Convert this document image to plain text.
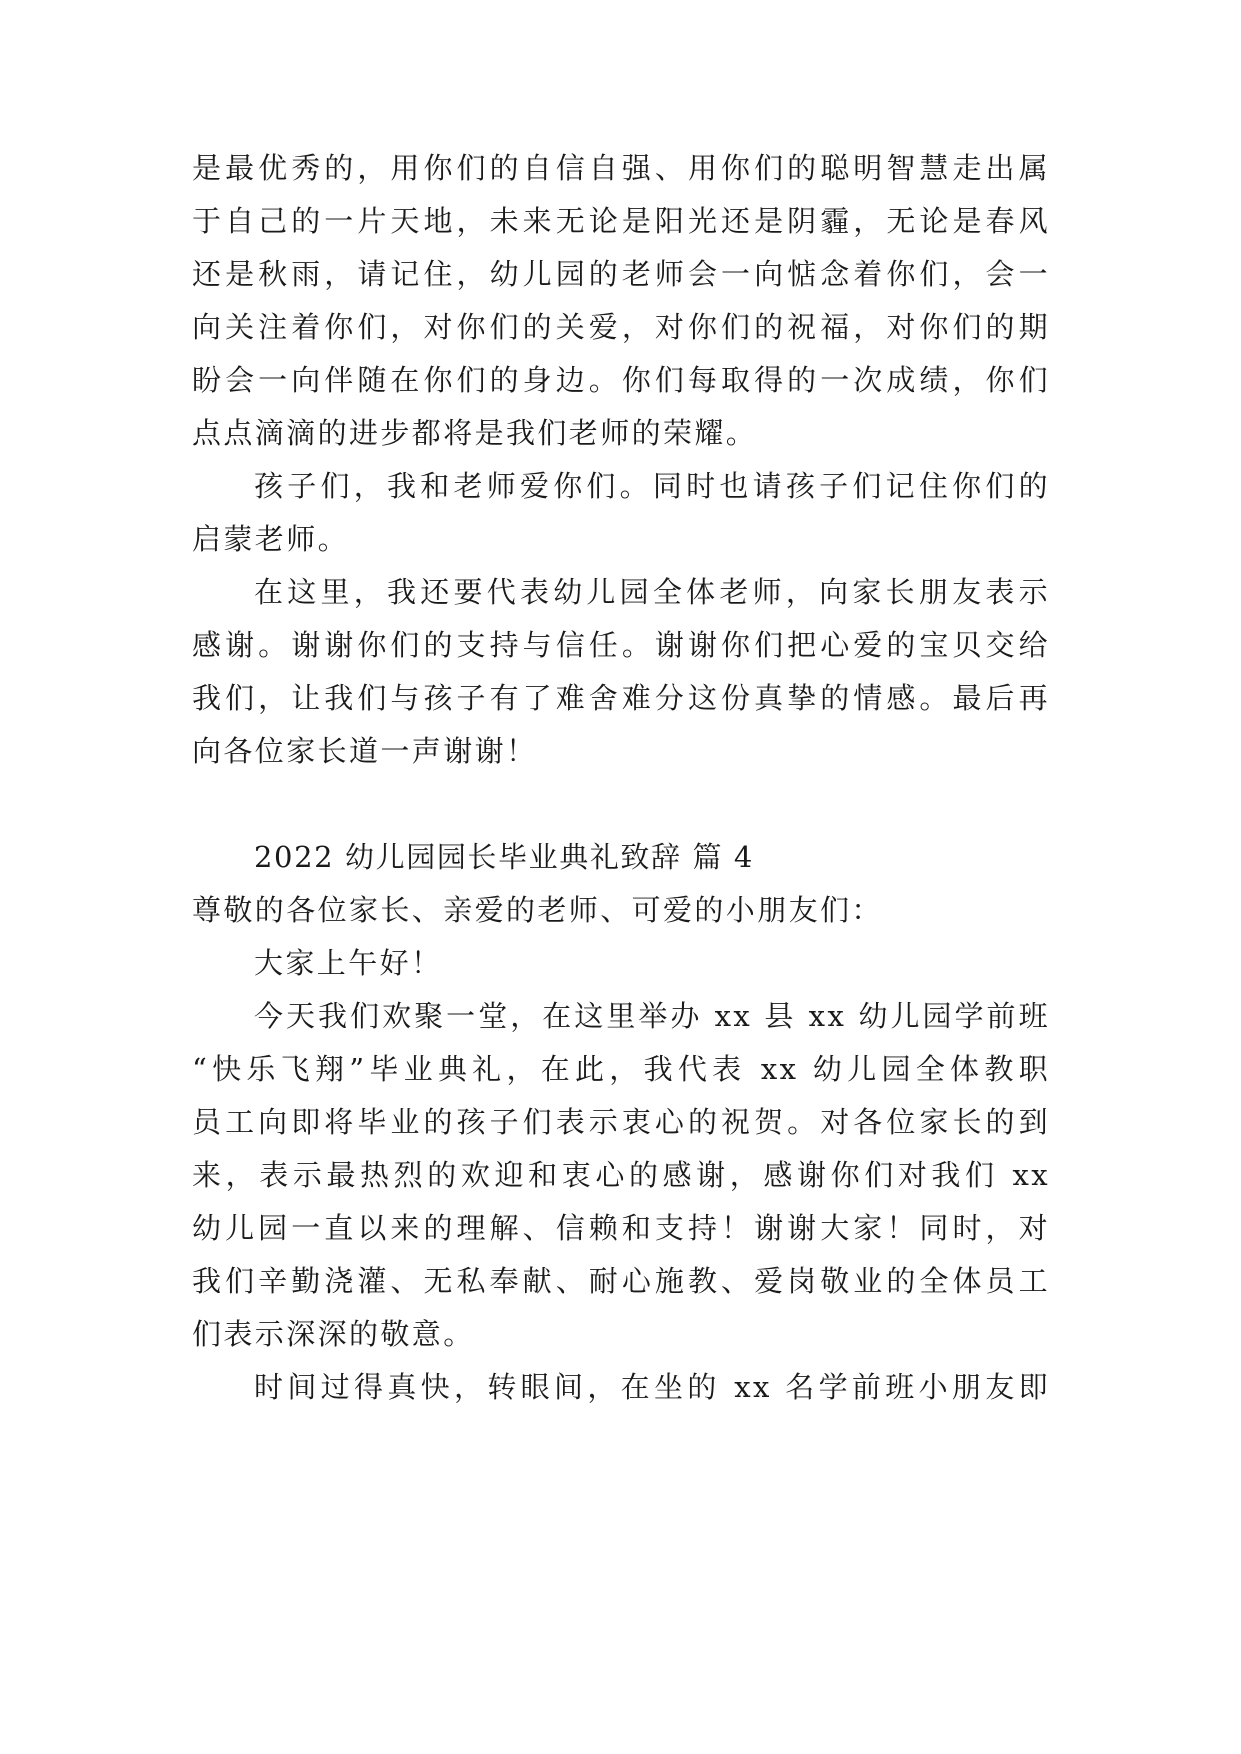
是最优秀的，用你们的自信自强、用你们的聪明智慧走出属
于自己的一片天地，未来无论是阳光还是阴霾，无论是春风
还是秋雨，请记住，幼儿园的老师会一向惦念着你们，会一
向关注着你们，对你们的关爱，对你们的祝福，对你们的期
盼会一向伴随在你们的身边。你们每取得的一次成绩，你们
点点滴滴的进步都将是我们老师的荣耀。
孩子们，我和老师爱你们。同时也请孩子们记住你们的
启蒙老师。
在这里，我还要代表幼儿园全体老师，向家长朋友表示
感谢。谢谢你们的支持与信任。谢谢你们把心爱的宝贝交给
我们，让我们与孩子有了难舍难分这份真挚的情感。最后再
向各位家长道一声谢谢！
2022 幼儿园园长毕业典礼致辞 篇 4
尊敬的各位家长、亲爱的老师、可爱的小朋友们：
大家上午好！
今天我们欢聚一堂，在这里举办 xx 县 xx 幼儿园学前班
“快乐飞翔”毕业典礼，在此，我代表 xx 幼儿园全体教职
员工向即将毕业的孩子们表示衷心的祝贺。对各位家长的到
来，表示最热烈的欢迎和衷心的感谢，感谢你们对我们 xx
幼儿园一直以来的理解、信赖和支持！谢谢大家！同时，对
我们辛勤浇灌、无私奉献、耐心施教、爱岗敬业的全体员工
们表示深深的敬意。
时间过得真快，转眼间，在坐的 xx 名学前班小朋友即
